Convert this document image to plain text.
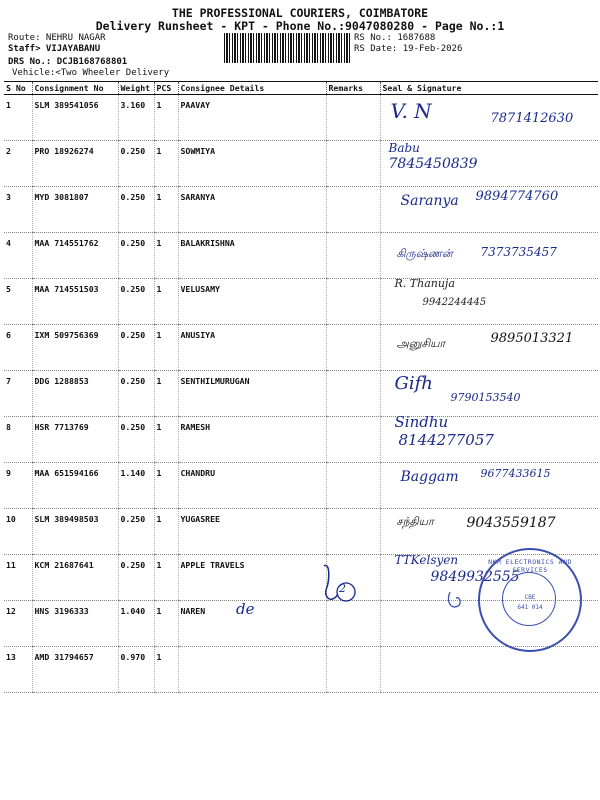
THE PROFESSIONAL COURIERS, COIMBATORE
Delivery Runsheet - KPT - Phone No.:9047080280 - Page No.:1
Route: NEHRU NAGAR
Staff> VIJAYABANU
DRS No.: DCJB168768801
Vehicle:<Two Wheeler Delivery
RS No.: 1687688
RS Date: 19-Feb-2026
S No	Consignment No	Weight	PCS	Consignee Details	Remarks	Seal & Signature
1	SLM 389541056	3.160	1	PAAVAY		V. N 7871412630

2	PRO 18926274	0.250	1	SOWMIYA		Babu
7845450839

3	MYD 3081807	0.250	1	SARANYA		Saranya 9894774760

4	MAA 714551762	0.250	1	BALAKRISHNA		கிருஷ்ணன் 7373735457

5	MAA 714551503	0.250	1	VELUSAMY		R. Thanuja
9942244445

6	IXM 509756369	0.250	1	ANUSIYA		அனுசியா 9895013321

7	DDG 1288853	0.250	1	SENTHILMURUGAN		Gifh
9790153540

8	HSR 7713769	0.250	1	RAMESH		Sindhu
8144277057

9	MAA 651594166	1.140	1	CHANDRU		Baggam 9677433615

10	SLM 389498503	0.250	1	YUGASREE		சந்தியா 9043559187

11	KCM 21687641	0.250	1	APPLE TRAVELS		TTKelsyen
9849932555

12	HNS 3196333	1.040	1	NAREN		
13	AMD 31794657	0.970	1			
2
de
NKM ELECTRONICS AND SERVICES
CBE
641 014
